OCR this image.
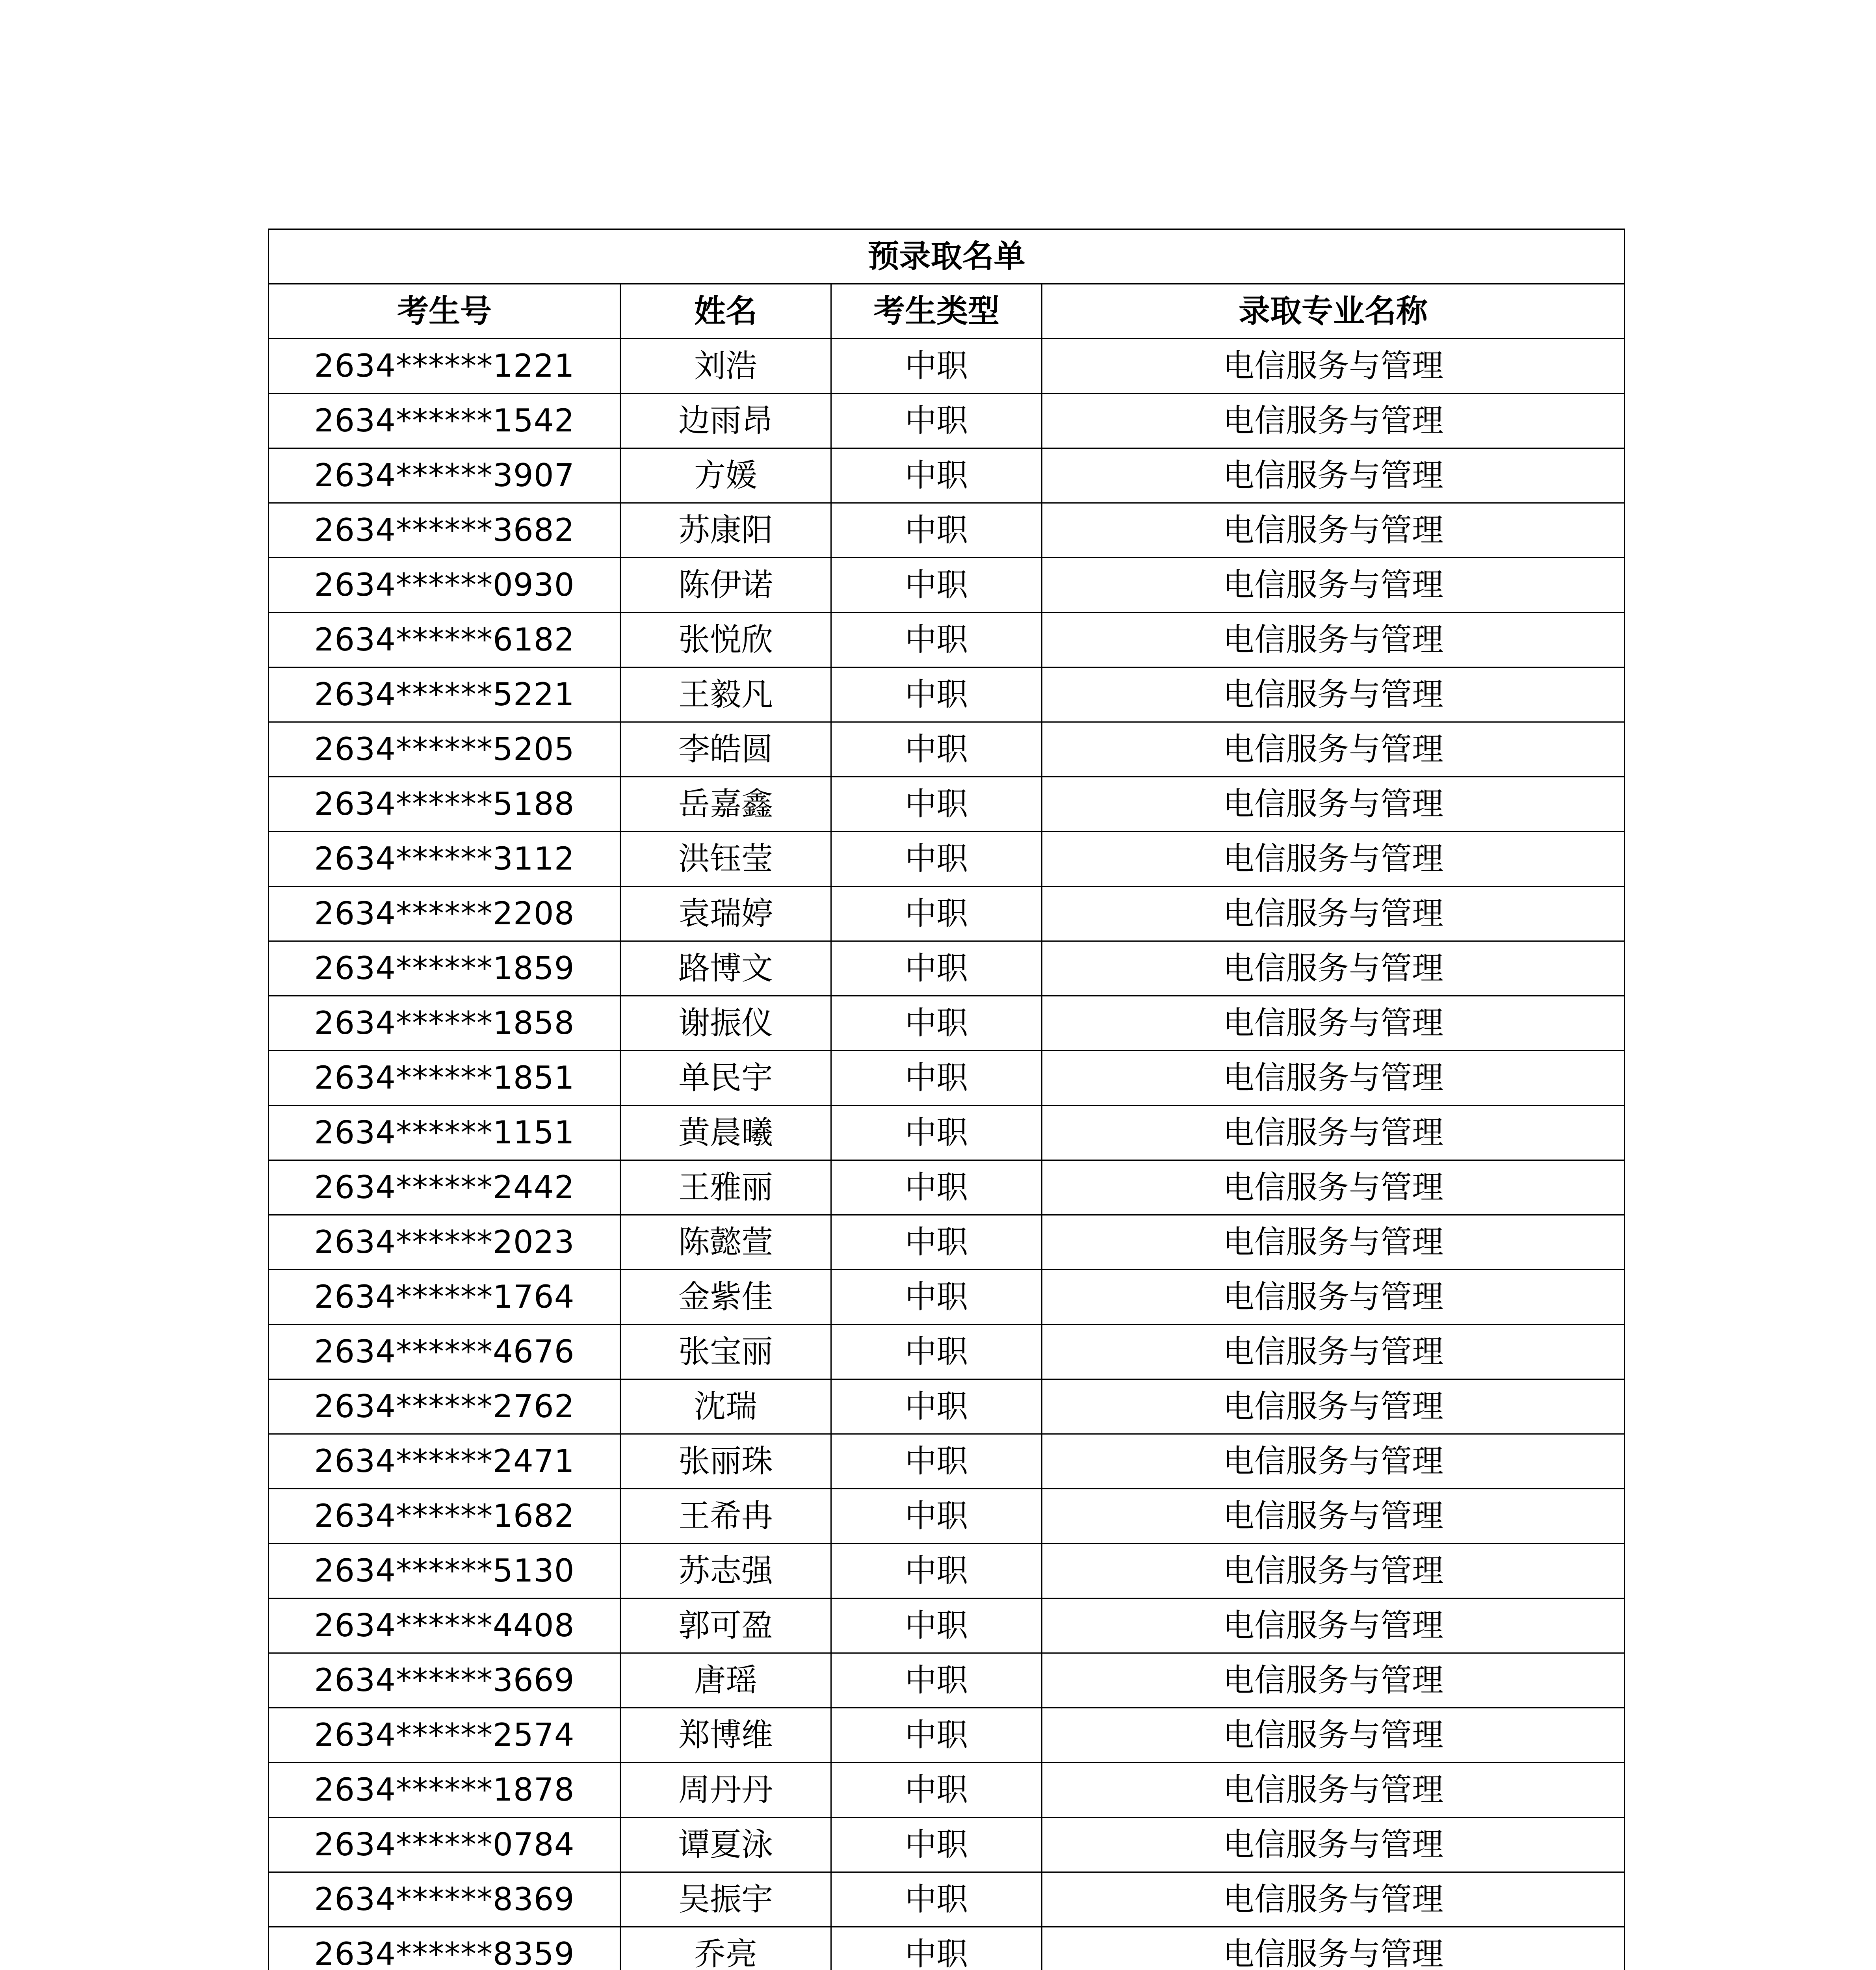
预录取名单			
考生号	姓名	考生类型	录取专业名称
2634******1221	刘浩	中职	电信服务与管理
2634******1542	边雨昂	中职	电信服务与管理
2634******3907	方媛	中职	电信服务与管理
2634******3682	苏康阳	中职	电信服务与管理
2634******0930	陈伊诺	中职	电信服务与管理
2634******6182	张悦欣	中职	电信服务与管理
2634******5221	王毅凡	中职	电信服务与管理
2634******5205	李皓圆	中职	电信服务与管理
2634******5188	岳嘉鑫	中职	电信服务与管理
2634******3112	洪钰莹	中职	电信服务与管理
2634******2208	袁瑞婷	中职	电信服务与管理
2634******1859	路博文	中职	电信服务与管理
2634******1858	谢振仪	中职	电信服务与管理
2634******1851	单民宇	中职	电信服务与管理
2634******1151	黄晨曦	中职	电信服务与管理
2634******2442	王雅丽	中职	电信服务与管理
2634******2023	陈懿萱	中职	电信服务与管理
2634******1764	金紫佳	中职	电信服务与管理
2634******4676	张宝丽	中职	电信服务与管理
2634******2762	沈瑞	中职	电信服务与管理
2634******2471	张丽珠	中职	电信服务与管理
2634******1682	王希冉	中职	电信服务与管理
2634******5130	苏志强	中职	电信服务与管理
2634******4408	郭可盈	中职	电信服务与管理
2634******3669	唐瑶	中职	电信服务与管理
2634******2574	郑博维	中职	电信服务与管理
2634******1878	周丹丹	中职	电信服务与管理
2634******0784	谭夏泳	中职	电信服务与管理
2634******8369	吴振宇	中职	电信服务与管理
2634******8359	乔亮	中职	电信服务与管理
